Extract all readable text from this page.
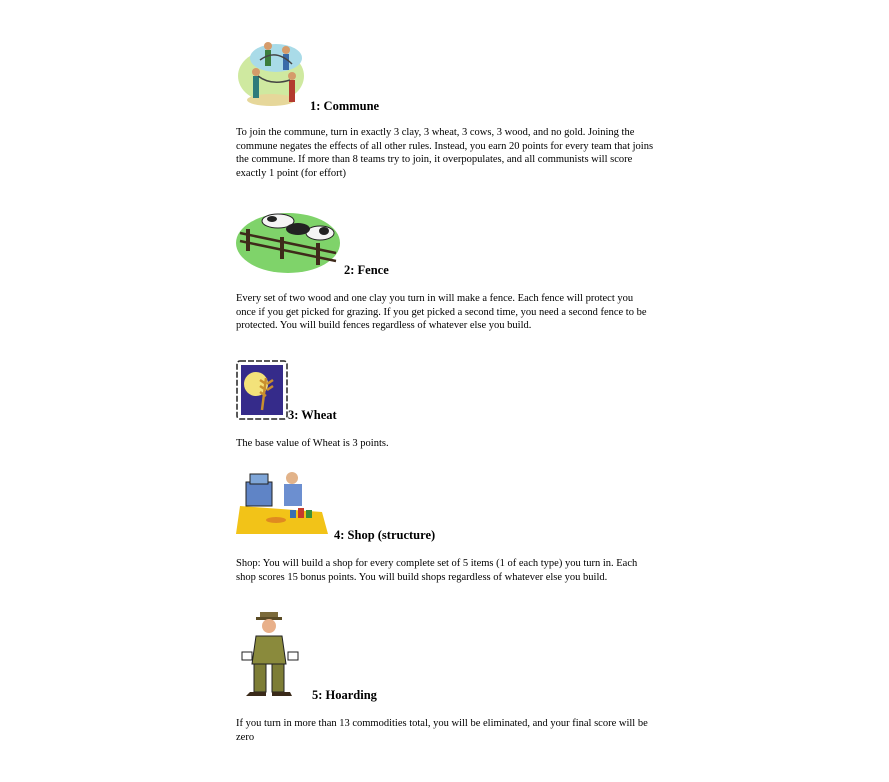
1: Commune

To join the commune, turn in exactly 3 clay, 3 wheat, 3 cows, 3 wood, and no gold. Joining the commune negates the effects of all other rules. Instead, you earn 20 points for every team that joins the commune. If more than 8 teams try to join, it overpopulates, and all communists will score exactly 1 point (for effort)

2: Fence

Every set of two wood and one clay you turn in will make a fence. Each fence will protect you once if you get picked for grazing. If you get picked a second time, you need a second fence to be protected. You will build fences regardless of whatever else you build.

3: Wheat

The base value of Wheat is 3 points.

4: Shop (structure)

Shop: You will build a shop for every complete set of 5 items (1 of each type) you turn in. Each shop scores 15 bonus points. You will build shops regardless of whatever else you build.

5: Hoarding

If you turn in more than 13 commodities total, you will be eliminated, and your final score will be zero
